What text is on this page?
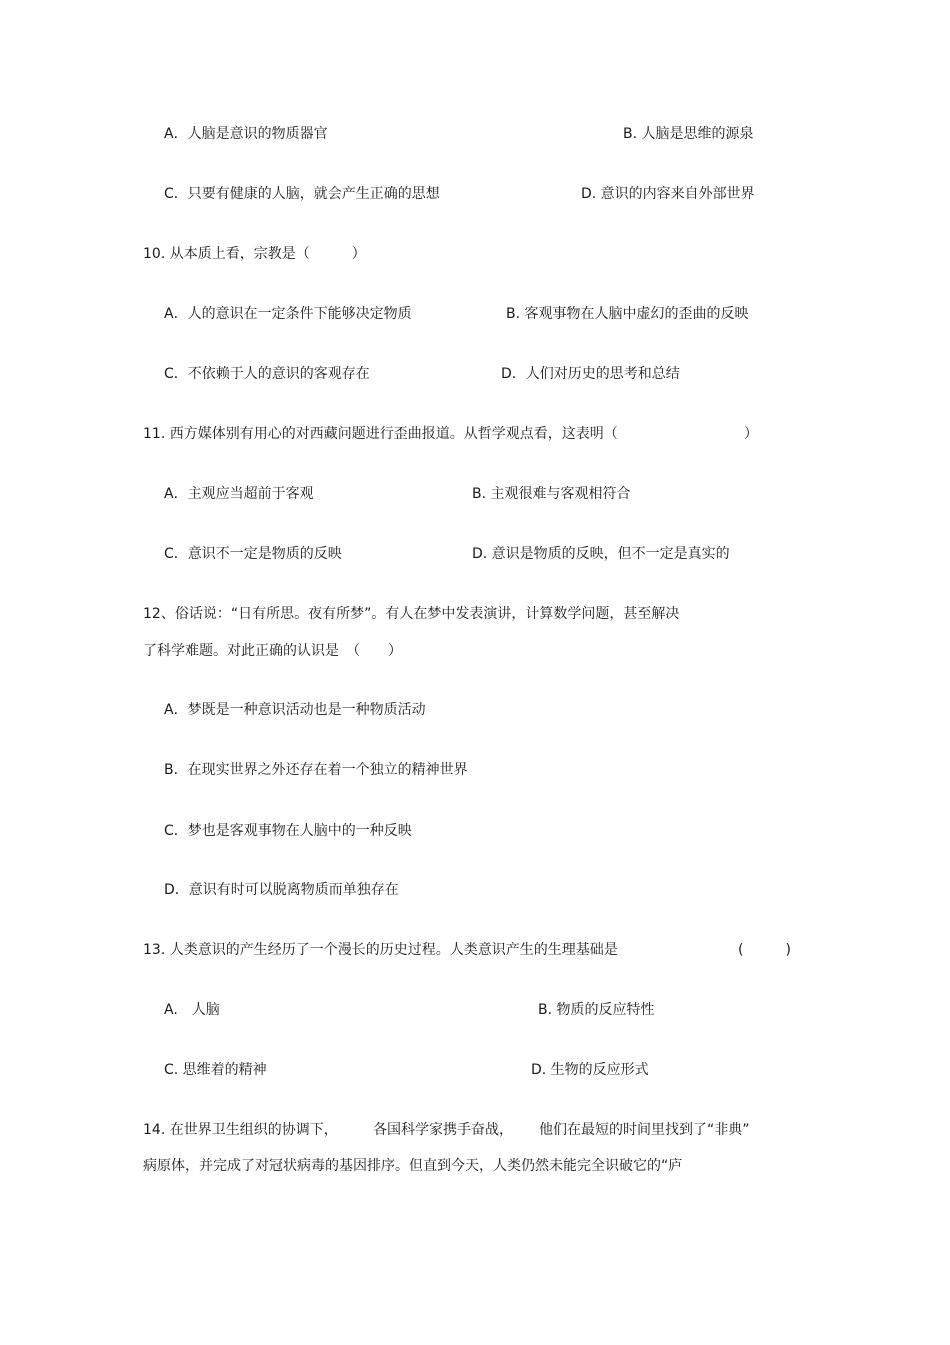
A．人脑是意识的物质器官	B. 人脑是思维的源泉
C．只要有健康的人脑，就会产生正确的思想	D. 意识的内容来自外部世界
10. 从本质上看，宗教是（　　　）
A．人的意识在一定条件下能够决定物质	B. 客观事物在人脑中虚幻的歪曲的反映
C．不依赖于人的意识的客观存在	D．人们对历史的思考和总结
11. 西方媒体别有用心的对西藏问题进行歪曲报道。从哲学观点看，这表明（	）
A．主观应当超前于客观	B. 主观很难与客观相符合
C．意识不一定是物质的反映	D. 意识是物质的反映，但不一定是真实的
12、俗话说：“日有所思。夜有所梦”。有人在梦中发表演讲，计算数学问题，甚至解决
了科学难题。对此正确的认识是　（　　）
A．梦既是一种意识活动也是一种物质活动
B．在现实世界之外还存在着一个独立的精神世界
C．梦也是客观事物在人脑中的一种反映
D．意识有时可以脱离物质而单独存在
13. 人类意识的产生经历了一个漫长的历史过程。人类意识产生的生理基础是	(　　　)
A.　人脑	B. 物质的反应特性
C. 思维着的精神	D. 生物的反应形式
14. 在世界卫生组织的协调下，	各国科学家携手奋战， 他们在最短的时间里找到了“非典”
病原体，并完成了对冠状病毒的基因排序。但直到今天，人类仍然未能完全识破它的“庐
